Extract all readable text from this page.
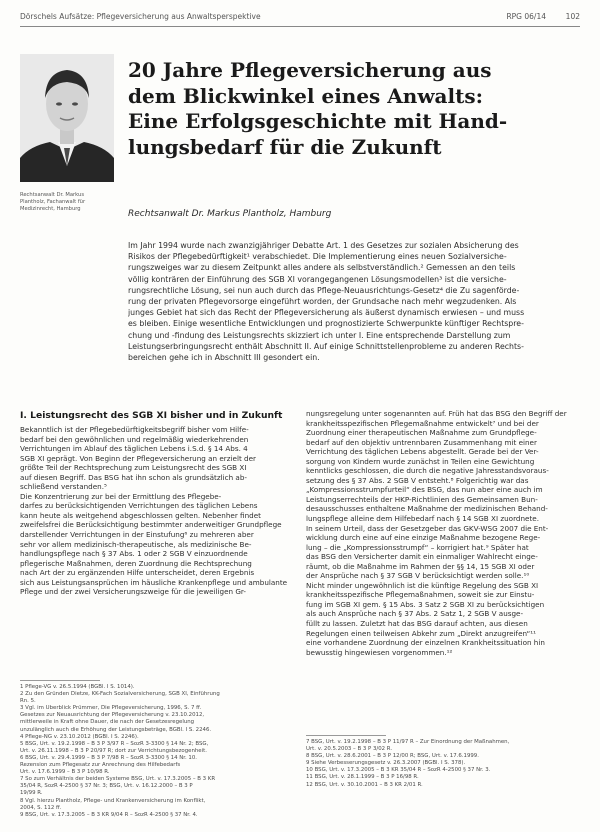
Dörschels Aufsätze: Pflegeversicherung aus Anwaltsperspektive	RPG 06/14	102
Rechtsanwalt Dr. Markus
Plantholz, Fachanwalt für
Medizinrecht, Hamburg
20 Jahre Pflegeversicherung aus
dem Blickwinkel eines Anwalts:
Eine Erfolgsgeschichte mit Hand-
lungsbedarf für die Zukunft
Rechtsanwalt Dr. Markus Plantholz, Hamburg
Im Jahr 1994 wurde nach zwanzigjähriger Debatte Art. 1 des Gesetzes zur sozialen Absicherung des
Risikos der Pflegebedürftigkeit¹ verabschiedet. Die Implementierung eines neuen Sozialversiche-
rungszweiges war zu diesem Zeitpunkt alles andere als selbstverständlich.² Gemessen an den teils
völlig konträren der Einführung des SGB XI vorangegangenen Lösungsmodellen³ ist die versiche-
rungsrechtliche Lösung, sei nun auch durch das Pflege-Neuausrichtungs-Gesetz⁴ die Zu sagenförde-
rung der privaten Pflegevorsorge eingeführt worden, der Grundsache nach mehr wegzudenken. Als
junges Gebiet hat sich das Recht der Pflegeversicherung als äußerst dynamisch erwiesen – und muss
es bleiben. Einige wesentliche Entwicklungen und prognostizierte Schwerpunkte künftiger Rechtspre-
chung und -findung des Leistungsrechts skizziert ich unter I. Eine entsprechende Darstellung zum
Leistungserbringungsrecht enthält Abschnitt II. Auf einige Schnittstellenprobleme zu anderen Rechts-
bereichen gehe ich in Abschnitt III gesondert ein.
I. Leistungsrecht des SGB XI bisher und in Zukunft
Bekanntlich ist der Pflegebedürftigkeitsbegriff bisher vom Hilfe-
bedarf bei den gewöhnlichen und regelmäßig wiederkehrenden
Verrichtungen im Ablauf des täglichen Lebens i.S.d. § 14 Abs. 4
SGB XI geprägt. Von Beginn der Pflegeversicherung an erzielt der
größte Teil der Rechtsprechung zum Leistungsrecht des SGB XI
auf diesen Begriff. Das BSG hat ihn schon als grundsätzlich ab-
schließend verstanden.⁵
Die Konzentrierung zur bei der Ermittlung des Pflegebe-
darfes zu berücksichtigenden Verrichtungen des täglichen Lebens
kann heute als weitgehend abgeschlossen gelten. Nebenher findet
zweifelsfrei die Berücksichtigung bestimmter anderweitiger Grundpflege
darstellender Verrichtungen in der Einstufung⁶ zu mehreren aber
sehr vor allem medizinisch-therapeutische, als medizinische Be-
handlungspflege nach § 37 Abs. 1 oder 2 SGB V einzuordnende
pflegerische Maßnahmen, deren Zuordnung die Rechtsprechung
nach Art der zu ergänzenden Hilfe unterscheidet, deren Ergebnis
sich aus Leistungsansprüchen im häusliche Krankenpflege und ambulante
Pflege und der zwei Versicherungszweige für die jeweiligen Gr-
nungsregelung unter sogenannten auf. Früh hat das BSG den Begriff der
krankheitsspezifischen Pflegemaßnahme entwickelt⁷ und bei der
Zuordnung einer therapeutischen Maßnahme zum Grundpflege-
bedarf auf den objektiv untrennbaren Zusammenhang mit einer
Verrichtung des täglichen Lebens abgestellt. Gerade bei der Ver-
sorgung von Kindern wurde zunächst in Teilen eine Gewichtung
kenntlicks geschlossen, die durch die negative Jahresstandsvoraus-
setzung des § 37 Abs. 2 SGB V entsteht.⁸ Folgerichtig war das
„Kompressionsstrumpfurteil“ des BSG, das nun aber eine auch im
Leistungserrechteils der HKP-Richtlinien des Gemeinsamen Bun-
desausschusses enthaltene Maßnahme der medizinischen Behand-
lungspflege alleine dem Hilfebedarf nach § 14 SGB XI zuordnete.
In seinem Urteil, dass der Gesetzgeber das GKV-WSG 2007 die Ent-
wicklung durch eine auf eine einzige Maßnahme bezogene Rege-
lung – die „Kompressionsstrumpf“ – korrigiert hat.⁹ Später hat
das BSG den Versicherter damit ein einmaliger Wahlrecht einge-
räumt, ob die Maßnahme im Rahmen der §§ 14, 15 SGB XI oder
der Ansprüche nach § 37 SGB V berücksichtigt werden solle.¹⁰
Nicht minder ungewöhnlich ist die künftige Regelung des SGB XI
krankheitsspezifische Pflegemaßnahmen, soweit sie zur Einstu-
fung im SGB XI gem. § 15 Abs. 3 Satz 2 SGB XI zu berücksichtigen
als auch Ansprüche nach § 37 Abs. 2 Satz 1, 2 SGB V ausge-
füllt zu lassen. Zuletzt hat das BSG darauf achten, aus diesen
Regelungen einen teilweisen Abkehr zum „Direkt anzugreifen“¹¹
eine vorhandene Zuordnung der einzelnen Krankheitssituation hin
bewusstig hingewiesen vorgenommen.¹²
1 Pflege-VG v. 26.5.1994 (BGBl. I S. 1014).
2 Zu den Gründen Dietze, KK-Fach Sozialversicherung, SGB XI, Einführung
Rn. 5.
3 Vgl. im Überblick Prümmer, Die Pflegeversicherung, 1996, S. 7 ff.
Gesetzes zur Neuausrichtung der Pflegeversicherung v. 23.10.2012,
mittlerweile in Kraft ohne Dauer, die nach der Gesetzesregelung
unzulänglich auch die Erhöhung der Leistungsbeträge, BGBl. I S. 2246.
4 Pflege-NG v. 23.10.2012 (BGBl. I S. 2246).
5 BSG, Urt. v. 19.2.1998 – B 3 P 3/97 R – SozR 3-3300 § 14 Nr. 2; BSG,
Urt. v. 26.11.1998 – B 3 P 20/97 R; dort zur Verrichtungsbezogenheit.
6 BSG, Urt. v. 29.4.1999 – B 3 P 7/98 R – SozR 3-3300 § 14 Nr. 10.
Rezension zum Pflegesatz zur Anrechnung des Hilfebedarfs
Urt. v. 17.6.1999 – B 3 P 10/98 R.
7 So zum Verhältnis der beiden Systeme BSG, Urt. v. 17.3.2005 – B 3 KR
35/04 R, SozR 4-2500 § 37 Nr. 3; BSG, Urt. v. 16.12.2000 – B 3 P
19/99 R.
8 Vgl. hierzu Plantholz, Pflege- und Krankenversicherung im Konflikt,
2004, S. 112 ff.
9 BSG, Urt. v. 17.3.2005 – B 3 KR 9/04 R – SozR 4-2500 § 37 Nr. 4.
7 BSG, Urt. v. 19.2.1998 – B 3 P 11/97 R – Zur Einordnung der Maßnahmen,
Urt. v. 20.5.2003 – B 3 P 3/02 R.
8 BSG, Urt. v. 28.6.2001 – B 3 P 12/00 R; BSG, Urt. v. 17.6.1999.
9 Siehe Verbesserungsgesetz v. 26.3.2007 (BGBl. I S. 378).
10 BSG, Urt. v. 17.3.2005 – B 3 KR 35/04 R – SozR 4-2500 § 37 Nr. 3.
11 BSG, Urt. v. 28.1.1999 – B 3 P 16/98 R.
12 BSG, Urt. v. 30.10.2001 – B 3 KR 2/01 R.
